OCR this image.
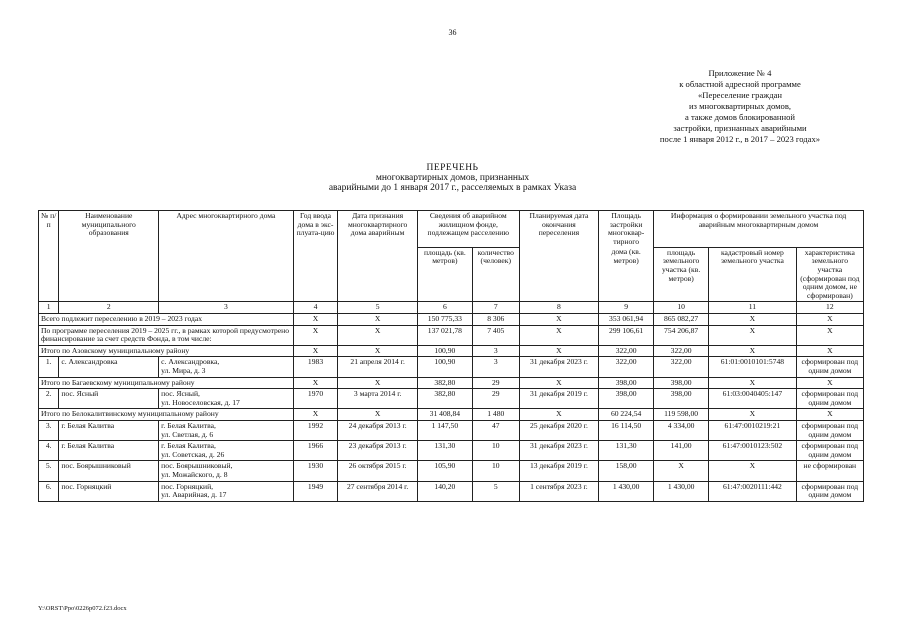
36
Приложение № 4
к областной адресной программе
«Переселение граждан
из многоквартирных домов,
а также домов блокированной
застройки, признанных аварийными
после 1 января 2012 г., в 2017 – 2023 годах»
ПЕРЕЧЕНЬ
многоквартирных домов, признанных
аварийными до 1 января 2017 г., расселяемых в рамках Указа
№ п/п	Наименование муниципального образования	Адрес многоквартирного дома	Год ввода дома в экс-плуата-цию	Дата признания многоквартирного дома аварийным	Сведения об аварийном жилищном фонде, подлежащем расселению		Планируемая дата окончания переселения	Площадь застройки многоквар-тирного	Информация о формировании земельного участка под аварийным многоквартирным домом		
					площадь (кв. метров)	количество (человек)		дома (кв. метров)	площадь земельного участка (кв. метров)	кадастровый номер земельного участка	характеристика земельного участка (сформирован под одним домом, не сформирован)
1	2	3	4	5	6	7	8	9	10	11	12
Всего подлежит переселению в 2019 – 2023 годах			X	X	150 775,33	8 306	X	353 061,94	865 082,27	X	X
По программе переселения 2019 – 2025 гг., в рамках которой предусмотрено финансирование за счет средств Фонда, в том числе:			X	X	137 021,78	7 405	X	299 106,61	754 206,87	X	X
Итого по Азовскому муниципальному району			X	X	100,90	3	X	322,00	322,00	X	X
1.	с. Александровка	с. Александровка,
ул. Мира, д. 3	1983	21 апреля 2014 г.	100,90	3	31 декабря 2023 г.	322,00	322,00	61:01:0010101:5748	сформирован под одним домом
Итого по Багаевскому муниципальному району			X	X	382,80	29	X	398,00	398,00	X	X
2.	пос. Ясный	пос. Ясный,
ул. Новоселовская, д. 17	1970	3 марта 2014 г.	382,80	29	31 декабря 2019 г.	398,00	398,00	61:03:0040405:147	сформирован под одним домом
Итого по Белокалитвинскому муниципальному району			X	X	31 408,84	1 480	X	60 224,54	119 598,00	X	X
3.	г. Белая Калитва	г. Белая Калитва,
ул. Светлая, д. 6	1992	24 декабря 2013 г.	1 147,50	47	25 декабря 2020 г.	16 114,50	4 334,00	61:47:0010219:21	сформирован под одним домом
4.	г. Белая Калитва	г. Белая Калитва,
ул. Советская, д. 26	1966	23 декабря 2013 г.	131,30	10	31 декабря 2023 г.	131,30	141,00	61:47:0010123:502	сформирован под одним домом
5.	пос. Боярышниковый	пос. Боярышниковый,
ул. Можайского, д. 8	1930	26 октября 2015 г.	105,90	10	13 декабря 2019 г.	158,00	X	X	не сформирован
6.	пос. Горняцкий	пос. Горняцкий,
ул. Аварийная, д. 17	1949	27 сентября 2014 г.	140,20	5	1 сентября 2023 г.	1 430,00	1 430,00	61:47:0020111:442	сформирован под одним домом
Y:\ORST\Ppo\0226p072.f23.docx
